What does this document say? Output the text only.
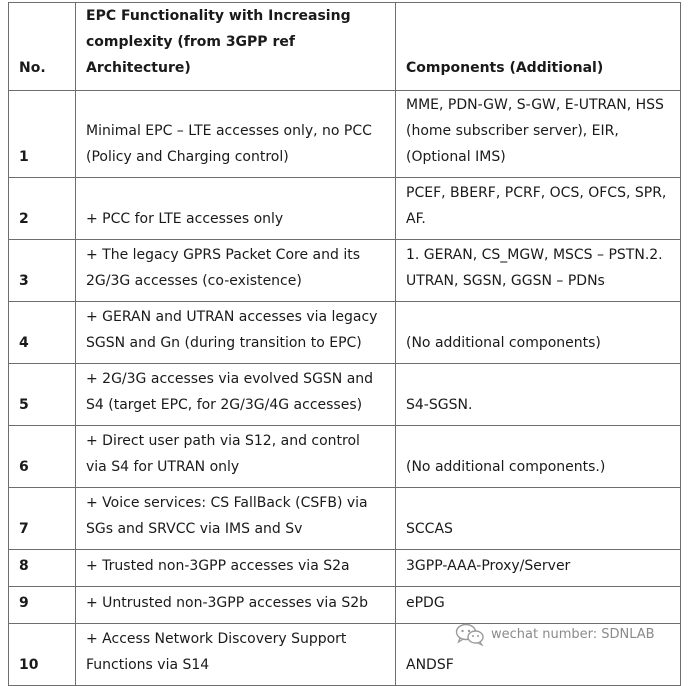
No.	EPC Functionality with Increasing complexity (from 3GPP ref Architecture)	Components (Additional)
1	Minimal EPC – LTE accesses only, no PCC (Policy and Charging control)	MME, PDN-GW, S-GW, E-UTRAN, HSS (home subscriber server), EIR, (Optional IMS)
2	+ PCC for LTE accesses only	PCEF, BBERF, PCRF, OCS, OFCS, SPR, AF.
3	+ The legacy GPRS Packet Core and its 2G/3G accesses (co-existence)	1. GERAN, CS_MGW, MSCS – PSTN.2. UTRAN, SGSN, GGSN – PDNs
4	+ GERAN and UTRAN accesses via legacy SGSN and Gn (during transition to EPC)	(No additional components)
5	+ 2G/3G accesses via evolved SGSN and S4 (target EPC, for 2G/3G/4G accesses)	S4-SGSN.
6	+ Direct user path via S12, and control via S4 for UTRAN only	(No additional components.)
7	+ Voice services: CS FallBack (CSFB) via SGs and SRVCC via IMS and Sv	SCCAS
8	+ Trusted non-3GPP accesses via S2a	3GPP-AAA-Proxy/Server
9	+ Untrusted non-3GPP accesses via S2b	ePDG
10	+ Access Network Discovery Support Functions via S14	ANDSF
wechat number: SDNLAB
